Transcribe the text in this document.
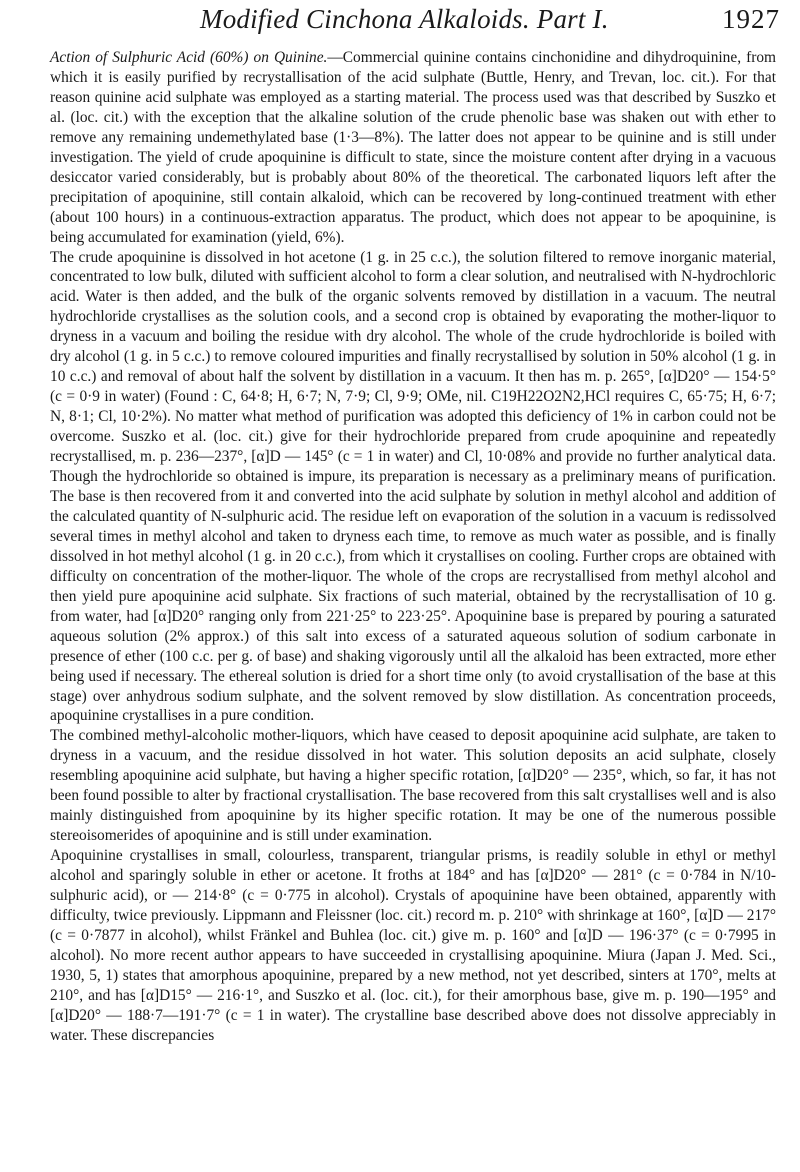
Modified Cinchona Alkaloids. Part I.	1927

Action of Sulphuric Acid (60%) on Quinine.—Commercial quinine contains cinchonidine and dihydroquinine, from which it is easily purified by recrystallisation of the acid sulphate (Buttle, Henry, and Trevan, loc. cit.). For that reason quinine acid sulphate was employed as a starting material. The process used was that described by Suszko et al. (loc. cit.) with the exception that the alkaline solution of the crude phenolic base was shaken out with ether to remove any remaining undemethylated base (1·3—8%). The latter does not appear to be quinine and is still under investigation. The yield of crude apoquinine is difficult to state, since the moisture content after drying in a vacuous desiccator varied considerably, but is probably about 80% of the theoretical. The carbonated liquors left after the precipitation of apoquinine, still contain alkaloid, which can be recovered by long-continued treatment with ether (about 100 hours) in a continuous-extraction apparatus. The product, which does not appear to be apoquinine, is being accumulated for examination (yield, 6%).

The crude apoquinine is dissolved in hot acetone (1 g. in 25 c.c.), the solution filtered to remove inorganic material, concentrated to low bulk, diluted with sufficient alcohol to form a clear solution, and neutralised with N-hydrochloric acid. Water is then added, and the bulk of the organic solvents removed by distillation in a vacuum. The neutral hydrochloride crystallises as the solution cools, and a second crop is obtained by evaporating the mother-liquor to dryness in a vacuum and boiling the residue with dry alcohol. The whole of the crude hydrochloride is boiled with dry alcohol (1 g. in 5 c.c.) to remove coloured impurities and finally recrystallised by solution in 50% alcohol (1 g. in 10 c.c.) and removal of about half the solvent by distillation in a vacuum. It then has m. p. 265°, [α]D20° — 154·5° (c = 0·9 in water) (Found : C, 64·8; H, 6·7; N, 7·9; Cl, 9·9; OMe, nil. C19H22O2N2,HCl requires C, 65·75; H, 6·7; N, 8·1; Cl, 10·2%). No matter what method of purification was adopted this deficiency of 1% in carbon could not be overcome. Suszko et al. (loc. cit.) give for their hydrochloride prepared from crude apoquinine and repeatedly recrystallised, m. p. 236—237°, [α]D — 145° (c = 1 in water) and Cl, 10·08% and provide no further analytical data. Though the hydrochloride so obtained is impure, its preparation is necessary as a preliminary means of purification. The base is then recovered from it and converted into the acid sulphate by solution in methyl alcohol and addition of the calculated quantity of N-sulphuric acid. The residue left on evaporation of the solution in a vacuum is redissolved several times in methyl alcohol and taken to dryness each time, to remove as much water as possible, and is finally dissolved in hot methyl alcohol (1 g. in 20 c.c.), from which it crystallises on cooling. Further crops are obtained with difficulty on concentration of the mother-liquor. The whole of the crops are recrystallised from methyl alcohol and then yield pure apoquinine acid sulphate. Six fractions of such material, obtained by the recrystallisation of 10 g. from water, had [α]D20° ranging only from 221·25° to 223·25°. Apoquinine base is prepared by pouring a saturated aqueous solution (2% approx.) of this salt into excess of a saturated aqueous solution of sodium carbonate in presence of ether (100 c.c. per g. of base) and shaking vigorously until all the alkaloid has been extracted, more ether being used if necessary. The ethereal solution is dried for a short time only (to avoid crystallisation of the base at this stage) over anhydrous sodium sulphate, and the solvent removed by slow distillation. As concentration proceeds, apoquinine crystallises in a pure condition.

The combined methyl-alcoholic mother-liquors, which have ceased to deposit apoquinine acid sulphate, are taken to dryness in a vacuum, and the residue dissolved in hot water. This solution deposits an acid sulphate, closely resembling apoquinine acid sulphate, but having a higher specific rotation, [α]D20° — 235°, which, so far, it has not been found possible to alter by fractional crystallisation. The base recovered from this salt crystallises well and is also mainly distinguished from apoquinine by its higher specific rotation. It may be one of the numerous possible stereoisomerides of apoquinine and is still under examination.

Apoquinine crystallises in small, colourless, transparent, triangular prisms, is readily soluble in ethyl or methyl alcohol and sparingly soluble in ether or acetone. It froths at 184° and has [α]D20° — 281° (c = 0·784 in N/10-sulphuric acid), or — 214·8° (c = 0·775 in alcohol). Crystals of apoquinine have been obtained, apparently with difficulty, twice previously. Lippmann and Fleissner (loc. cit.) record m. p. 210° with shrinkage at 160°, [α]D — 217° (c = 0·7877 in alcohol), whilst Fränkel and Buhlea (loc. cit.) give m. p. 160° and [α]D — 196·37° (c = 0·7995 in alcohol). No more recent author appears to have succeeded in crystallising apoquinine. Miura (Japan J. Med. Sci., 1930, 5, 1) states that amorphous apoquinine, prepared by a new method, not yet described, sinters at 170°, melts at 210°, and has [α]D15° — 216·1°, and Suszko et al. (loc. cit.), for their amorphous base, give m. p. 190—195° and [α]D20° — 188·7—191·7° (c = 1 in water). The crystalline base described above does not dissolve appreciably in water. These discrepancies
